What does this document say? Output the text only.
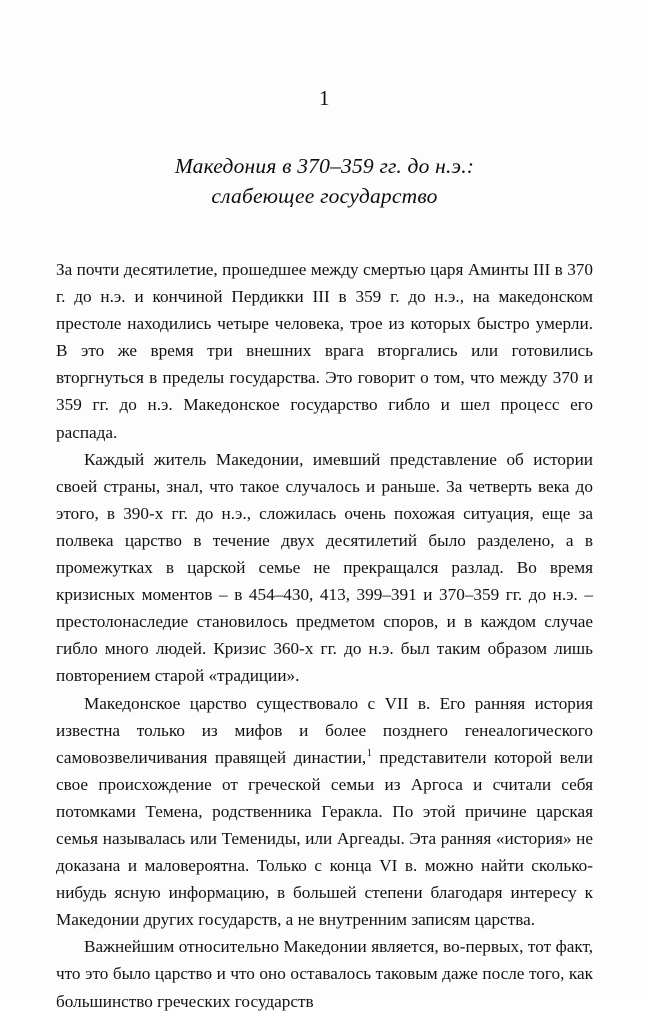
1
Македония в 370–359 гг. до н.э.:
слабеющее государство

За почти десятилетие, прошедшее между смертью царя Аминты III в 370 г. до н.э. и кончиной Пердикки III в 359 г. до н.э., на македонском престоле находились четыре человека, трое из которых быстро умерли. В это же время три внешних врага вторгались или готовились вторгнуться в пределы государства. Это говорит о том, что между 370 и 359 гг. до н.э. Македонское государство гибло и шел процесс его распада.

Каждый житель Македонии, имевший представление об истории своей страны, знал, что такое случалось и раньше. За четверть века до этого, в 390-х гг. до н.э., сложилась очень похожая ситуация, еще за полвека царство в течение двух десятилетий было разделено, а в промежутках в царской семье не прекращался разлад. Во время кризисных моментов – в 454–430, 413, 399–391 и 370–359 гг. до н.э. – престолонаследие становилось предметом споров, и в каждом случае гибло много людей. Кризис 360-х гг. до н.э. был таким образом лишь повторением старой «традиции».

Македонское царство существовало с VII в. Его ранняя история известна только из мифов и более позднего генеалогического самовозвеличивания правящей династии,$^1$ представители которой вели свое происхождение от греческой семьи из Аргоса и считали себя потомками Темена, родственника Геракла. По этой причине царская семья называлась или Темениды, или Аргеады. Эта ранняя «история» не доказана и маловероятна. Только с конца VI в. можно найти сколько-нибудь ясную информацию, в большей степени благодаря интересу к Македонии других государств, а не внутренним записям царства.

Важнейшим относительно Македонии является, во-первых, тот факт, что это было царство и что оно оставалось таковым даже после того, как большинство греческих государств
